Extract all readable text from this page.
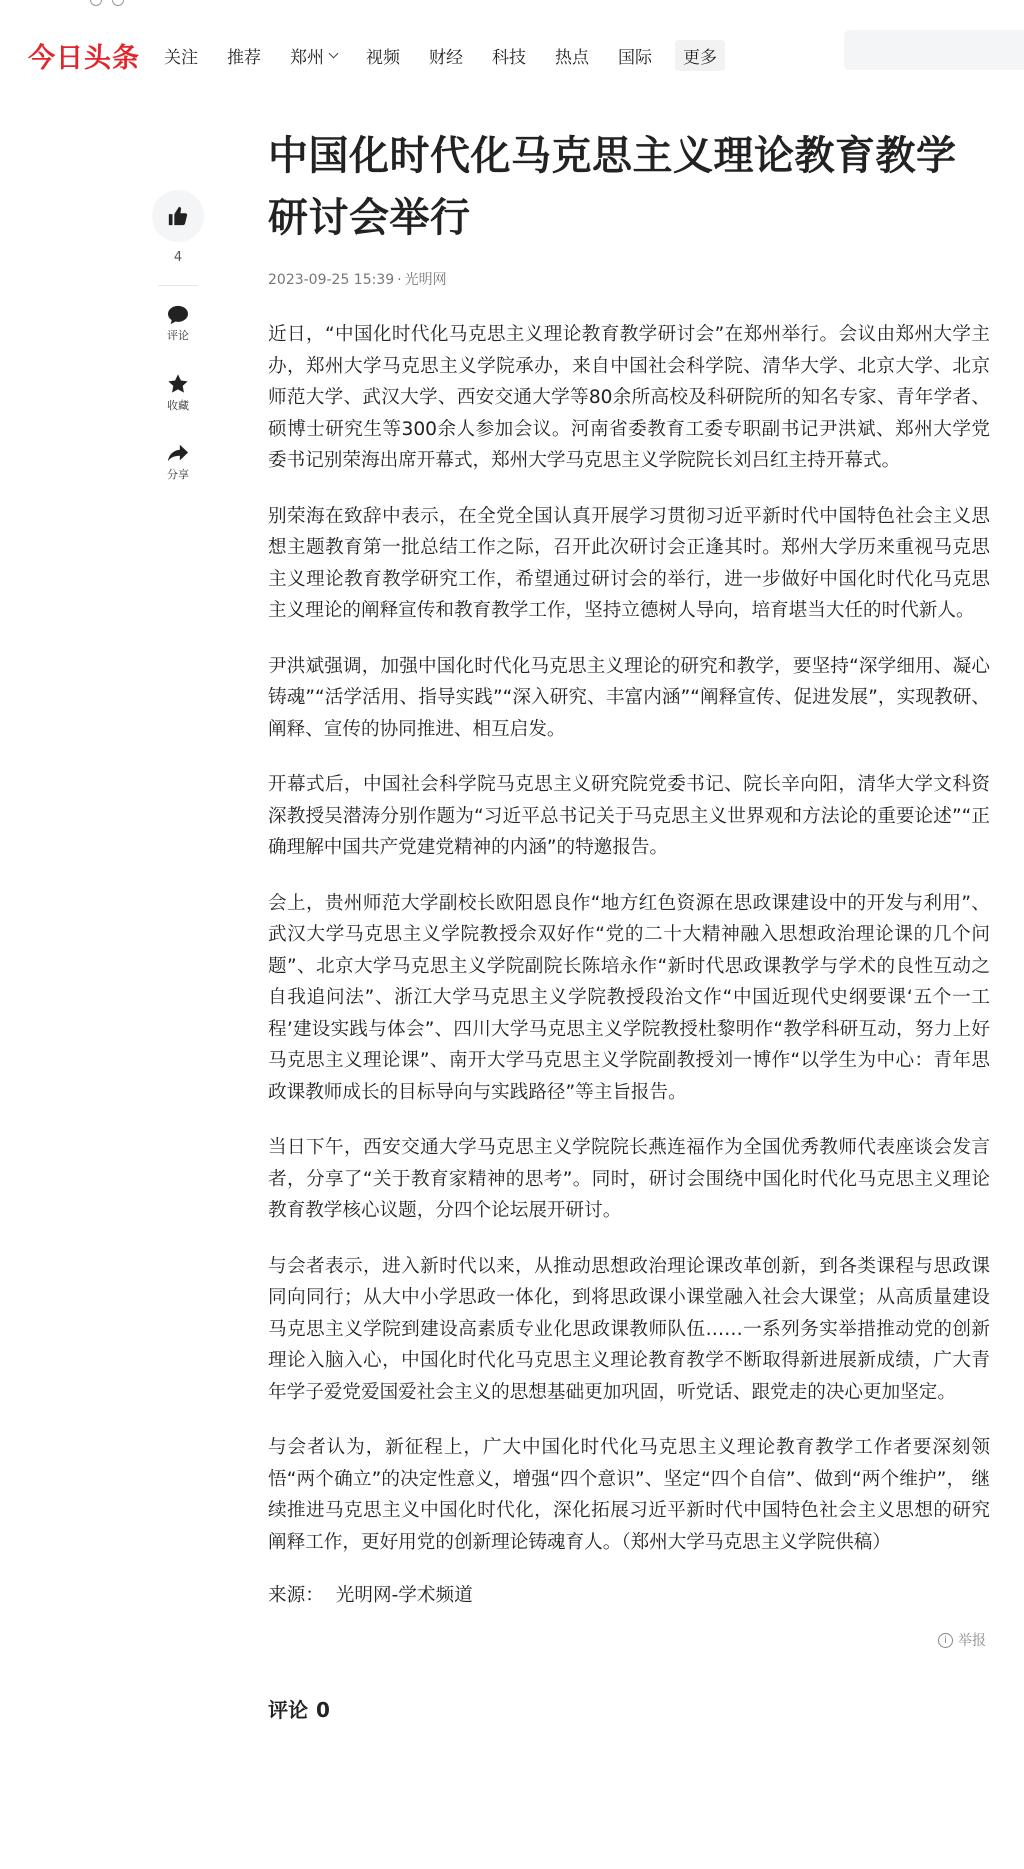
今日头条 关注 推荐 郑州 视频 财经 科技 热点 国际	更多
4
评论
收藏
分享
中国化时代化马克思主义理论教育教学研讨会举行
2023-09-25 15:39 · 光明网

近日，“中国化时代化马克思主义理论教育教学研讨会”在郑州举行。会议由郑州大学主办，郑州大学马克思主义学院承办，来自中国社会科学院、清华大学、北京大学、北京师范大学、武汉大学、西安交通大学等80余所高校及科研院所的知名专家、青年学者、硕博士研究生等300余人参加会议。河南省委教育工委专职副书记尹洪斌、郑州大学党委书记别荣海出席开幕式，郑州大学马克思主义学院院长刘吕红主持开幕式。

别荣海在致辞中表示，在全党全国认真开展学习贯彻习近平新时代中国特色社会主义思想主题教育第一批总结工作之际，召开此次研讨会正逢其时。郑州大学历来重视马克思主义理论教育教学研究工作，希望通过研讨会的举行，进一步做好中国化时代化马克思主义理论的阐释宣传和教育教学工作，坚持立德树人导向，培育堪当大任的时代新人。

尹洪斌强调，加强中国化时代化马克思主义理论的研究和教学，要坚持“深学细用、凝心铸魂”“活学活用、指导实践”“深入研究、丰富内涵”“阐释宣传、促进发展”，实现教研、阐释、宣传的协同推进、相互启发。

开幕式后，中国社会科学院马克思主义研究院党委书记、院长辛向阳，清华大学文科资深教授吴潜涛分别作题为“习近平总书记关于马克思主义世界观和方法论的重要论述”“正确理解中国共产党建党精神的内涵”的特邀报告。

会上，贵州师范大学副校长欧阳恩良作“地方红色资源在思政课建设中的开发与利用”、武汉大学马克思主义学院教授佘双好作“党的二十大精神融入思想政治理论课的几个问题”、北京大学马克思主义学院副院长陈培永作“新时代思政课教学与学术的良性互动之自我追问法”、浙江大学马克思主义学院教授段治文作“中国近现代史纲要课‘五个一工程’建设实践与体会”、四川大学马克思主义学院教授杜黎明作“教学科研互动，努力上好马克思主义理论课”、南开大学马克思主义学院副教授刘一博作“以学生为中心：青年思政课教师成长的目标导向与实践路径”等主旨报告。

当日下午，西安交通大学马克思主义学院院长燕连福作为全国优秀教师代表座谈会发言者，分享了“关于教育家精神的思考”。同时，研讨会围绕中国化时代化马克思主义理论教育教学核心议题，分四个论坛展开研讨。

与会者表示，进入新时代以来，从推动思想政治理论课改革创新，到各类课程与思政课同向同行；从大中小学思政一体化，到将思政课小课堂融入社会大课堂；从高质量建设马克思主义学院到建设高素质专业化思政课教师队伍……一系列务实举措推动党的创新理论入脑入心，中国化时代化马克思主义理论教育教学不断取得新进展新成绩，广大青年学子爱党爱国爱社会主义的思想基础更加巩固，听党话、跟党走的决心更加坚定。

与会者认为，新征程上，广大中国化时代化马克思主义理论教育教学工作者要深刻领悟“两个确立”的决定性意义，增强“四个意识”、坚定“四个自信”、做到“两个维护”， 继续推进马克思主义中国化时代化，深化拓展习近平新时代中国特色社会主义思想的研究阐释工作，更好用党的创新理论铸魂育人。（郑州大学马克思主义学院供稿）

来源： 光明网-学术频道
i 举报
评论 0
